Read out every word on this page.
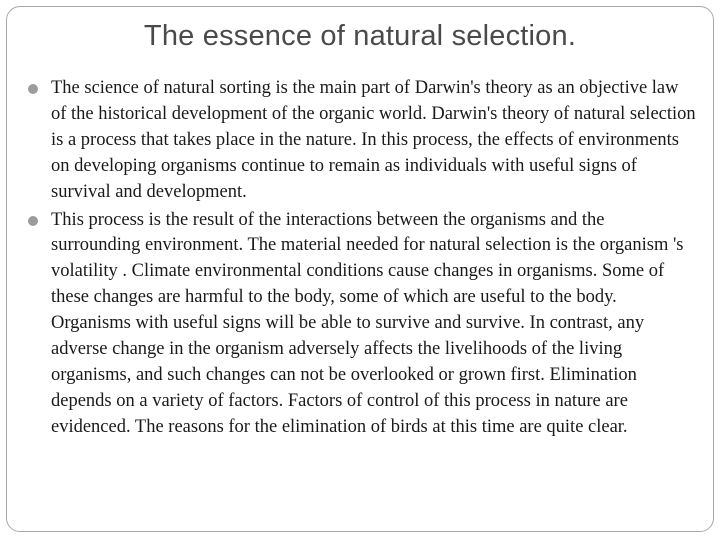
The essence of natural selection.
The science of natural sorting is the main part of Darwin's theory as an objective law of the historical development of the organic world. Darwin's theory of natural selection is a process that takes place in the nature. In this process, the effects of environments on developing organisms continue to remain as individuals with useful signs of survival and development.
This process is the result of the interactions between the organisms and the surrounding environment. The material needed for natural selection is the organism 's volatility . Climate environmental conditions cause changes in organisms. Some of these changes are harmful to the body, some of which are useful to the body. Organisms with useful signs will be able to survive and survive. In contrast, any adverse change in the organism adversely affects the livelihoods of the living organisms, and such changes can not be overlooked or grown first. Elimination depends on a variety of factors. Factors of control of this process in nature are evidenced. The reasons for the elimination of birds at this time are quite clear.
